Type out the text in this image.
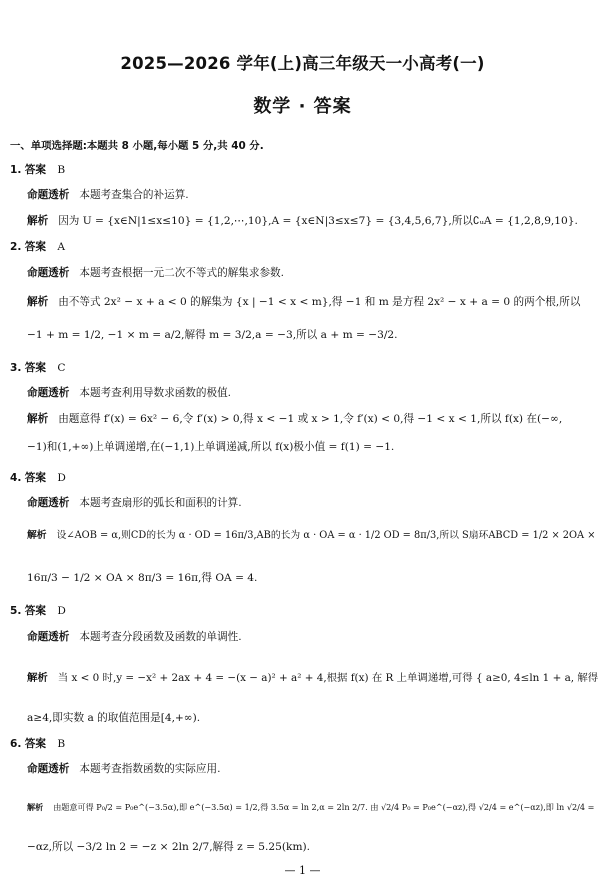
2025—2026 学年(上)高三年级天一小高考(一)
数学 · 答案
一、单项选择题:本题共 8 小题,每小题 5 分,共 40 分.
1. 答案 B
命题透析 本题考查集合的补运算.
解析 因为 U = {x∈N|1≤x≤10} = {1,2,⋯,10},A = {x∈N|3≤x≤7} = {3,4,5,6,7},所以∁ᵤA = {1,2,8,9,10}.
2. 答案 A
命题透析 本题考查根据一元二次不等式的解集求参数.
解析 由不等式 2x² − x + a < 0 的解集为 {x | −1 < x < m},得 −1 和 m 是方程 2x² − x + a = 0 的两个根,所以
−1 + m = 1/2, −1 × m = a/2,解得 m = 3/2,a = −3,所以 a + m = −3/2.
3. 答案 C
命题透析 本题考查利用导数求函数的极值.
解析 由题意得 f′(x) = 6x² − 6,令 f′(x) > 0,得 x < −1 或 x > 1,令 f′(x) < 0,得 −1 < x < 1,所以 f(x) 在(−∞,
−1)和(1,+∞)上单调递增,在(−1,1)上单调递减,所以 f(x)极小值 = f(1) = −1.
4. 答案 D
命题透析 本题考查扇形的弧长和面积的计算.
解析 设∠AOB = α,则CD的长为 α · OD = 16π/3,AB的长为 α · OA = α · 1/2 OD = 8π/3,所以 S扇环ABCD = 1/2 × 2OA ×
16π/3 − 1/2 × OA × 8π/3 = 16π,得 OA = 4.
5. 答案 D
命题透析 本题考查分段函数及函数的单调性.
解析 当 x < 0 时,y = −x² + 2ax + 4 = −(x − a)² + a² + 4,根据 f(x) 在 R 上单调递增,可得 { a≥0, 4≤ln 1 + a, 解得
a≥4,即实数 a 的取值范围是[4,+∞).
6. 答案 B
命题透析 本题考查指数函数的实际应用.
解析 由题意可得 P₀/2 = P₀e^(−3.5α),即 e^(−3.5α) = 1/2,得 3.5α = ln 2,α = 2ln 2/7. 由 √2/4 P₀ = P₀e^(−αz),得 √2/4 = e^(−αz),即 ln √2/4 =
−αz,所以 −3/2 ln 2 = −z × 2ln 2/7,解得 z = 5.25(km).
— 1 —
